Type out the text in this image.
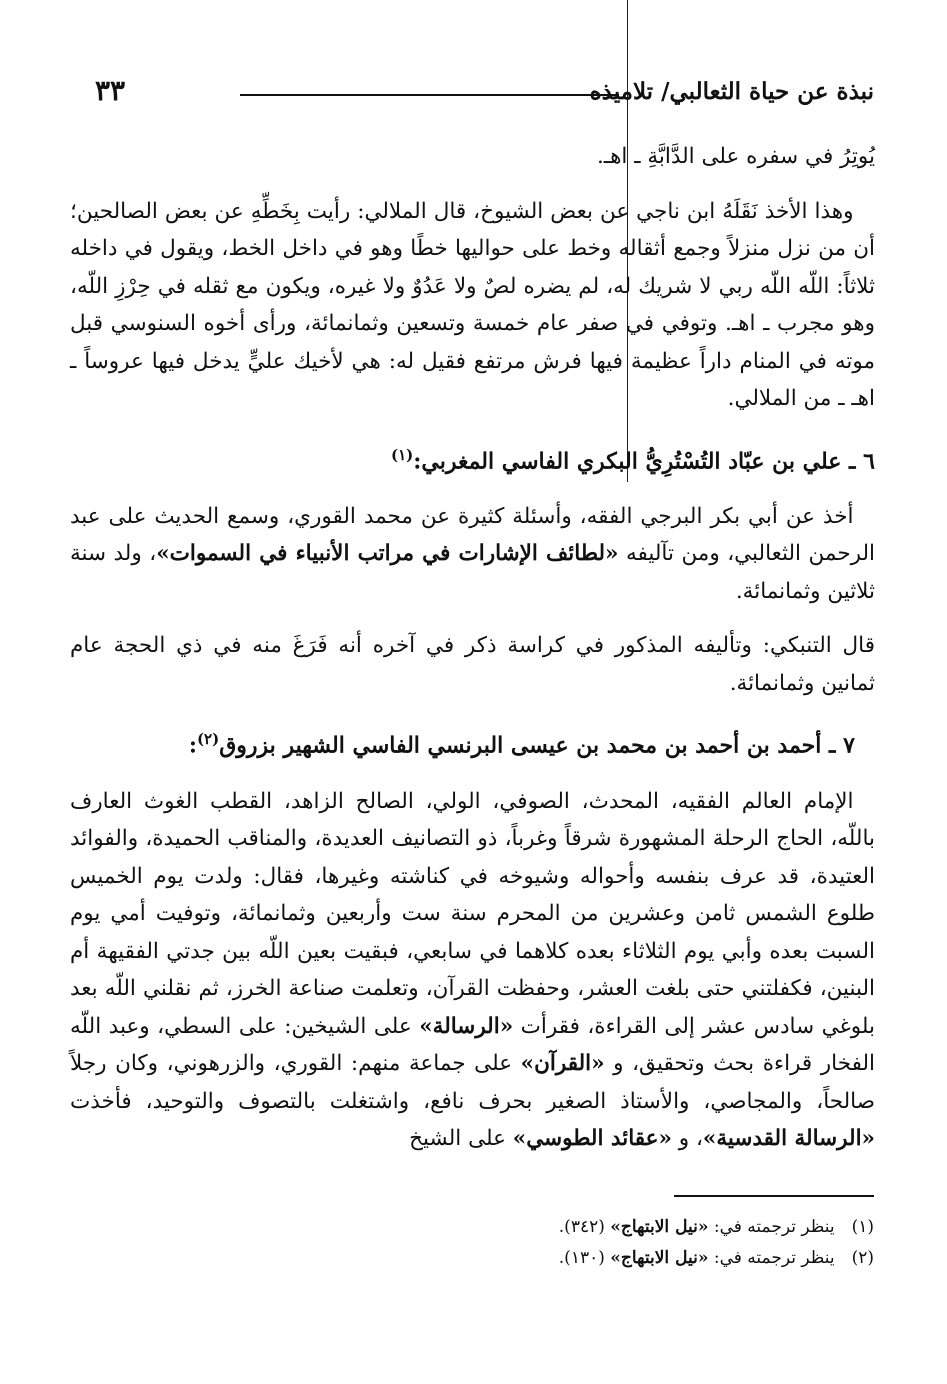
٣٣	نبذة عن حياة الثعالبي/ تلاميذه

يُوتِرُ في سفره على الدَّابَّةِ ـ اهـ.

 وهذا الأخذ نَقَلَهُ ابن ناجي عن بعض الشيوخ، قال الملالي: رأيت بِخَطِّهِ عن بعض الصالحين؛ أن من نزل منزلاً وجمع أثقاله وخط على حواليها خطًا وهو في داخل الخط، ويقول في داخله ثلاثاً: اللّه اللّه ربي لا شريك له، لم يضره لصٌ ولا عَدُوٌ ولا غيره، ويكون مع ثقله في حِرْزِ اللّه، وهو مجرب ـ اهـ. وتوفي في صفر عام خمسة وتسعين وثمانمائة، ورأى أخوه السنوسي قبل موته في المنام داراً عظيمة فيها فرش مرتفع فقيل له: هي لأخيك عليٍّ يدخل فيها عروساً ـ اهـ ـ من الملالي.

٦ ـ علي بن عبّاد التُسْتُرِيُّ البكري الفاسي المغربي:$^{(١)}$

 أخذ عن أبي بكر البرجي الفقه، وأسئلة كثيرة عن محمد القوري، وسمع الحديث على عبد الرحمن الثعالبي، ومن تآليفه «لطائف الإشارات في مراتب الأنبياء في السموات»، ولد سنة ثلاثين وثمانمائة.

قال التنبكي: وتأليفه المذكور في كراسة ذكر في آخره أنه فَرَغَ منه في ذي الحجة عام ثمانين وثمانمائة.

٧ ـ أحمد بن أحمد بن محمد بن عيسى البرنسي الفاسي الشهير بزروق$^{(٢)}$:

 الإمام العالم الفقيه، المحدث، الصوفي، الولي، الصالح الزاهد، القطب الغوث العارف باللّه، الحاج الرحلة المشهورة شرقاً وغرباً، ذو التصانيف العديدة، والمناقب الحميدة، والفوائد العتيدة، قد عرف بنفسه وأحواله وشيوخه في كناشته وغيرها، فقال: ولدت يوم الخميس طلوع الشمس ثامن وعشرين من المحرم سنة ست وأربعين وثمانمائة، وتوفيت أمي يوم السبت بعده وأبي يوم الثلاثاء بعده كلاهما في سابعي، فبقيت بعين اللّه بين جدتي الفقيهة أم البنين، فكفلتني حتى بلغت العشر، وحفظت القرآن، وتعلمت صناعة الخرز، ثم نقلني اللّه بعد بلوغي سادس عشر إلى القراءة، فقرأت «الرسالة» على الشيخين: على السطي، وعبد اللّه الفخار قراءة بحث وتحقيق، و «القرآن» على جماعة منهم: القوري، والزرهوني، وكان رجلاً صالحاً، والمجاصي، والأستاذ الصغير بحرف نافع، واشتغلت بالتصوف والتوحيد، فأخذت «الرسالة القدسية»، و «عقائد الطوسي» على الشيخ

(١) ينظر ترجمته في: «نيل الابتهاج» (٣٤٢).
(٢) ينظر ترجمته في: «نيل الابتهاج» (١٣٠).
